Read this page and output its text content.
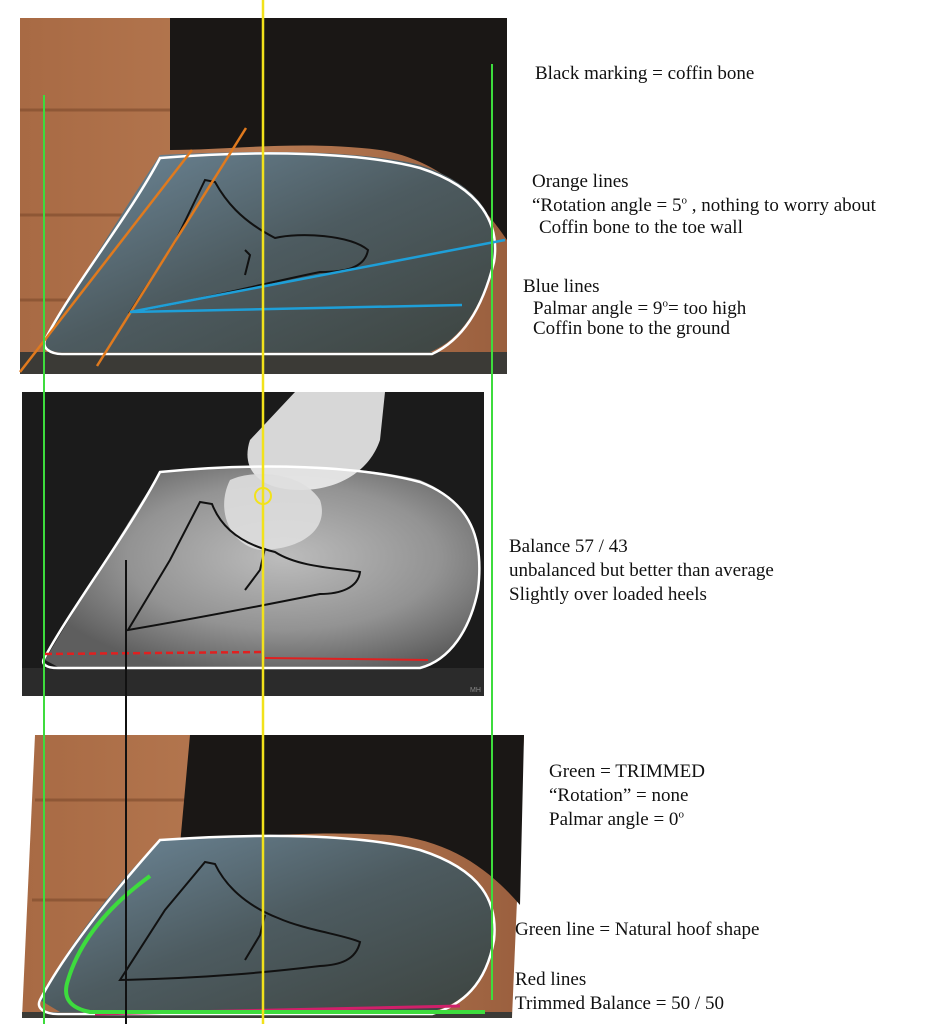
MH
Black marking = coffin bone
Orange lines
“Rotation angle = $5^o$ , nothing to worry about
Coffin bone to the toe wall
Blue lines
Palmar angle = $9^o=$ too high
Coffin bone to the ground
Balance 57 / 43
unbalanced but better than average
Slightly over loaded heels
Green = TRIMMED
“Rotation” = none
Palmar angle = $0^o$
Green line = Natural hoof shape
Red lines
Trimmed Balance = 50 / 50
